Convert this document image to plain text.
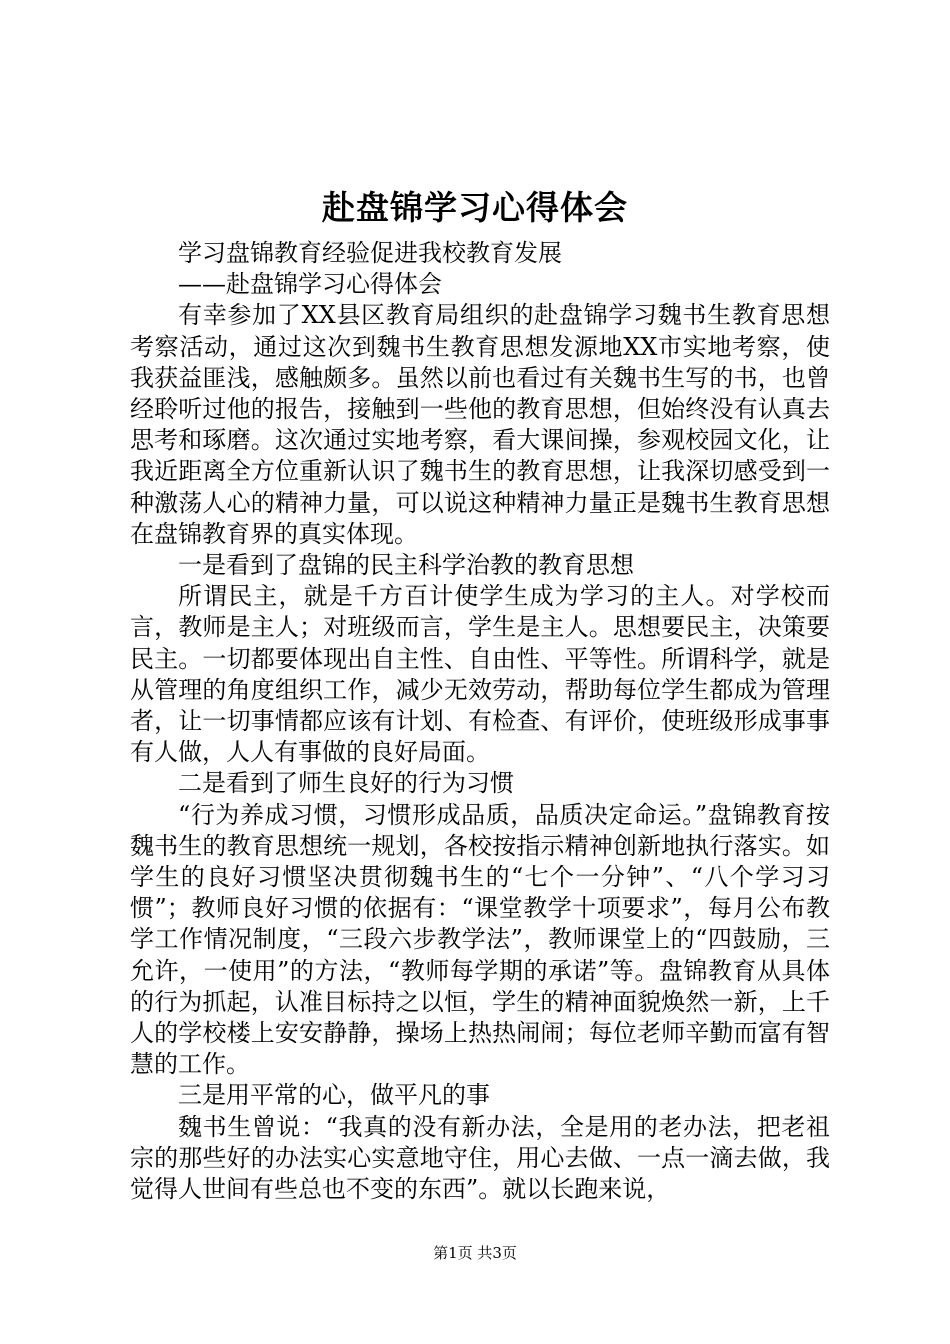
赴盘锦学习心得体会

学习盘锦教育经验促进我校教育发展

——赴盘锦学习心得体会

有幸参加了XX县区教育局组织的赴盘锦学习魏书生教育思想考察活动，通过这次到魏书生教育思想发源地XX市实地考察，使我获益匪浅，感触颇多。虽然以前也看过有关魏书生写的书，也曾经聆听过他的报告，接触到一些他的教育思想，但始终没有认真去思考和琢磨。这次通过实地考察，看大课间操，参观校园文化，让我近距离全方位重新认识了魏书生的教育思想，让我深切感受到一种激荡人心的精神力量，可以说这种精神力量正是魏书生教育思想在盘锦教育界的真实体现。

一是看到了盘锦的民主科学治教的教育思想

所谓民主，就是千方百计使学生成为学习的主人。对学校而言，教师是主人；对班级而言，学生是主人。思想要民主，决策要民主。一切都要体现出自主性、自由性、平等性。所谓科学，就是从管理的角度组织工作，减少无效劳动，帮助每位学生都成为管理者，让一切事情都应该有计划、有检查、有评价，使班级形成事事有人做，人人有事做的良好局面。

二是看到了师生良好的行为习惯

“行为养成习惯，习惯形成品质，品质决定命运。”盘锦教育按魏书生的教育思想统一规划，各校按指示精神创新地执行落实。如学生的良好习惯坚决贯彻魏书生的“七个一分钟”、“八个学习习惯”；教师良好习惯的依据有：“课堂教学十项要求”，每月公布教学工作情况制度，“三段六步教学法”，教师课堂上的“四鼓励，三允许，一使用”的方法，“教师每学期的承诺”等。盘锦教育从具体的行为抓起，认准目标持之以恒，学生的精神面貌焕然一新，上千人的学校楼上安安静静，操场上热热闹闹；每位老师辛勤而富有智慧的工作。

三是用平常的心，做平凡的事

魏书生曾说：“我真的没有新办法，全是用的老办法，把老祖宗的那些好的办法实心实意地守住，用心去做、一点一滴去做，我觉得人世间有些总也不变的东西”。就以长跑来说，

第1页 共3页
